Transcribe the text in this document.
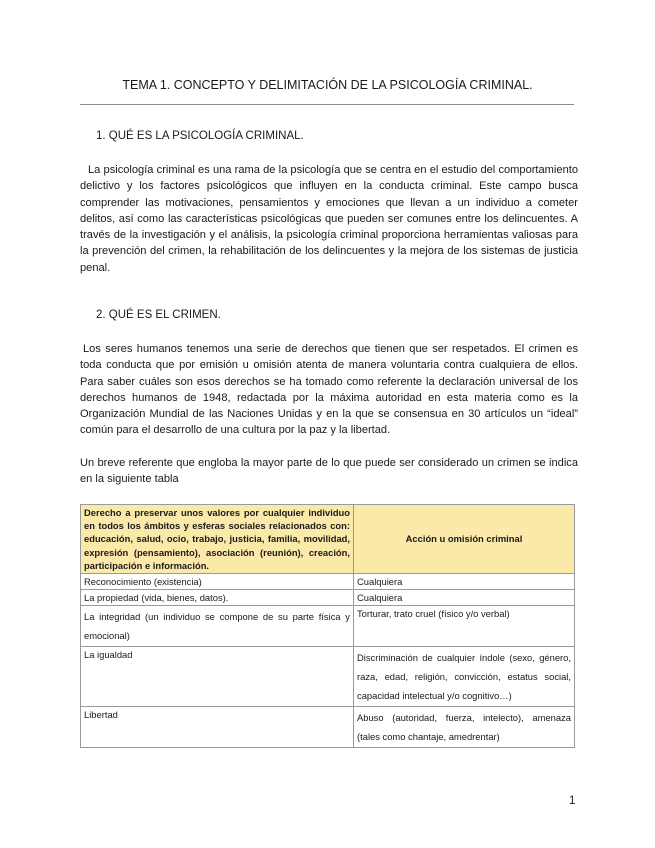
TEMA 1. CONCEPTO Y DELIMITACIÓN DE LA PSICOLOGÍA CRIMINAL.
1. QUÉ ES LA PSICOLOGÍA CRIMINAL.

La psicología criminal es una rama de la psicología que se centra en el estudio del comportamiento delictivo y los factores psicológicos que influyen en la conducta criminal. Este campo busca comprender las motivaciones, pensamientos y emociones que llevan a un individuo a cometer delitos, así como las características psicológicas que pueden ser comunes entre los delincuentes. A través de la investigación y el análisis, la psicología criminal proporciona herramientas valiosas para la prevención del crimen, la rehabilitación de los delincuentes y la mejora de los sistemas de justicia penal.

2. QUÉ ES EL CRIMEN.

Los seres humanos tenemos una serie de derechos que tienen que ser respetados. El crimen es toda conducta que por emisión u omisión atenta de manera voluntaria contra cualquiera de ellos. Para saber cuáles son esos derechos se ha tomado como referente la declaración universal de los derechos humanos de 1948, redactada por la máxima autoridad en esta materia como es la Organización Mundial de las Naciones Unidas y en la que se consensua en 30 artículos un “ideal” común para el desarrollo de una cultura por la paz y la libertad.

Un breve referente que engloba la mayor parte de lo que puede ser considerado un crimen se indica en la siguiente tabla

Derecho a preservar unos valores por cualquier individuo en todos los ámbitos y esferas sociales relacionados con: educación, salud, ocio, trabajo, justicia, familia, movilidad, expresión (pensamiento), asociación (reunión), creación, participación e información.	Acción u omisión criminal
Reconocimiento (existencia)	Cualquiera
La propiedad (vida, bienes, datos).	Cualquiera
La integridad (un individuo se compone de su parte física y emocional)	Torturar, trato cruel (físico y/o verbal)
La igualdad	Discriminación de cualquier índole (sexo, género, raza, edad, religión, convicción, estatus social, capacidad intelectual y/o cognitivo…)
Libertad	Abuso (autoridad, fuerza, intelecto), amenaza (tales como chantaje, amedrentar)
1
